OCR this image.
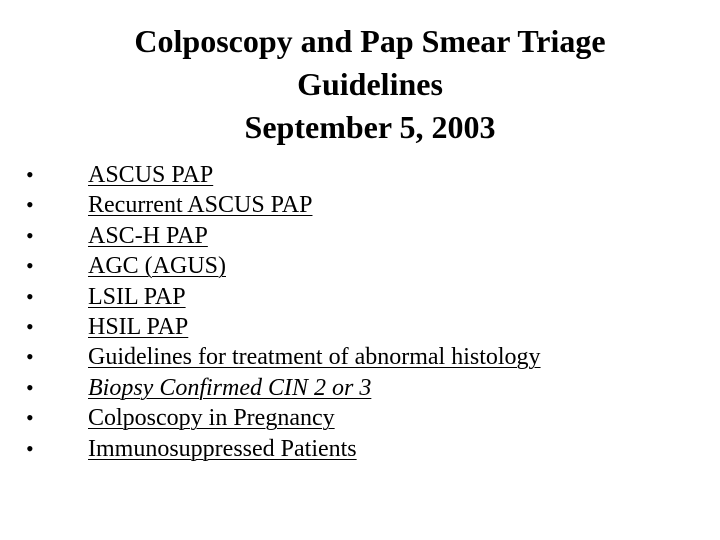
Colposcopy and Pap Smear Triage
Guidelines
September 5, 2003
•	ASCUS PAP
•	Recurrent ASCUS PAP
•	ASC-H PAP
•	AGC (AGUS)
•	LSIL PAP
•	HSIL PAP
•	Guidelines for treatment of abnormal histology
•	Biopsy Confirmed CIN 2 or 3
•	Colposcopy in Pregnancy
•	Immunosuppressed Patients
